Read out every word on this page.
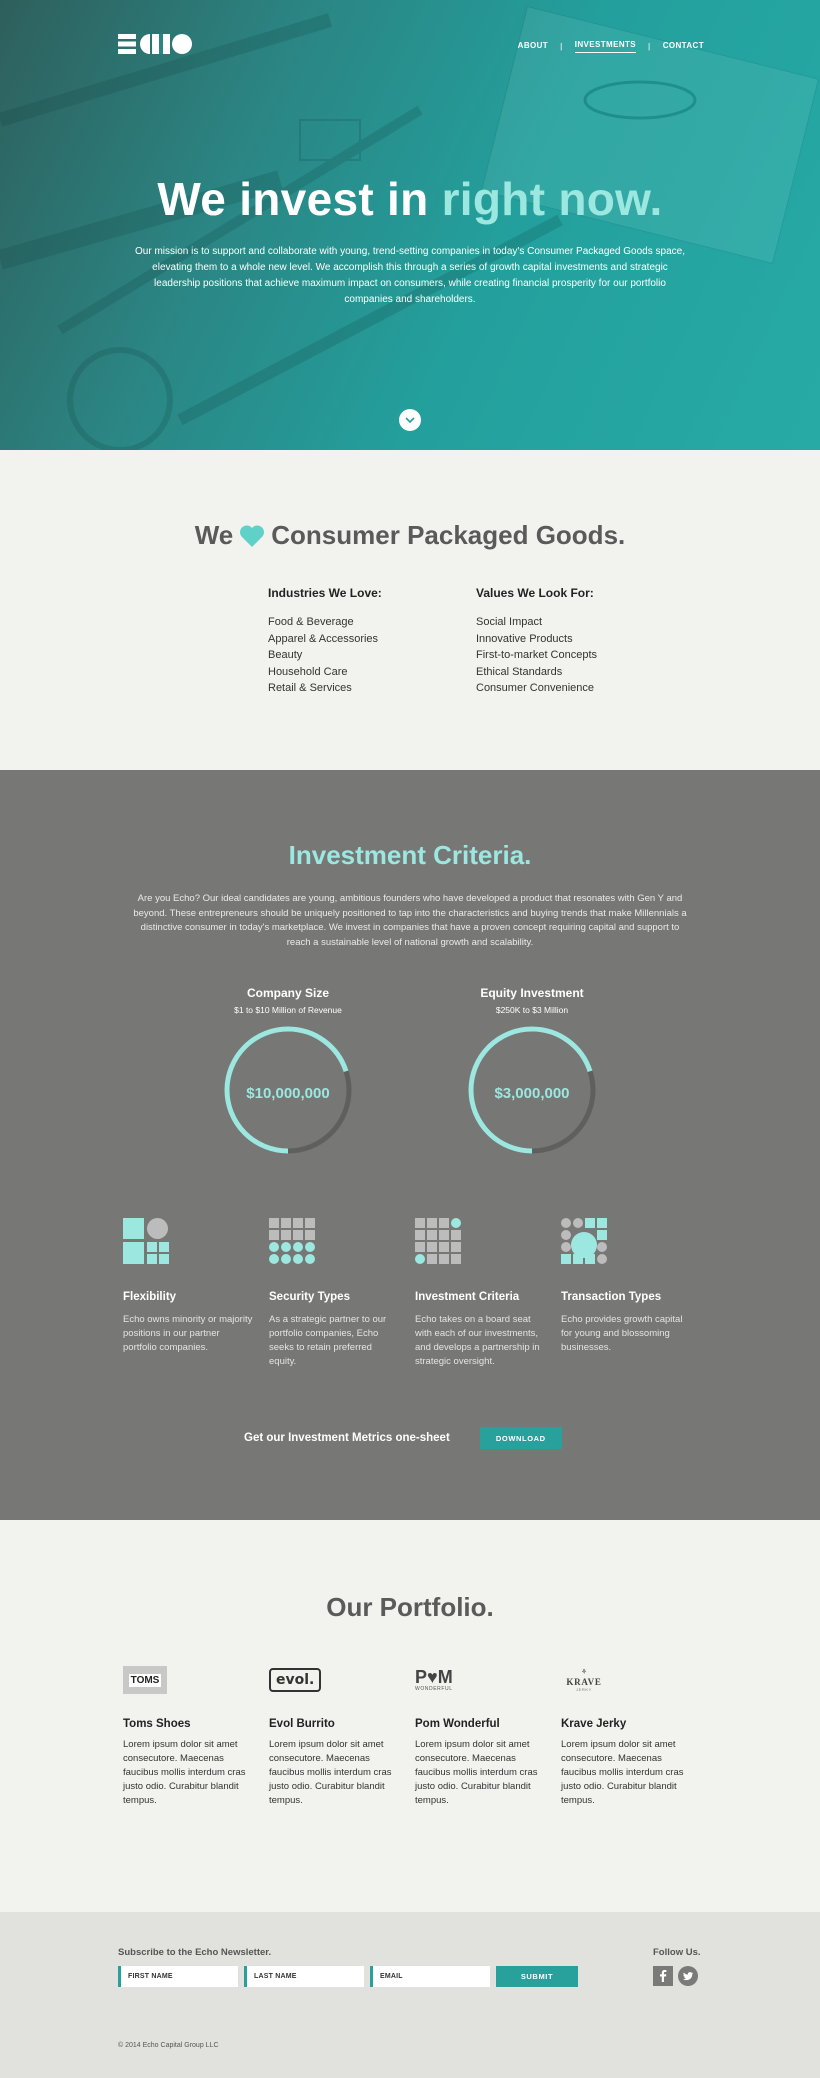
ABOUT | INVESTMENTS | CONTACT
We invest in right now.

Our mission is to support and collaborate with young, trend-setting companies in today's Consumer Packaged Goods space, elevating them to a whole new level. We accomplish this through a series of growth capital investments and strategic leadership positions that achieve maximum impact on consumers, while creating financial prosperity for our portfolio companies and shareholders.

We Consumer Packaged Goods.
Industries We Love:
Food & Beverage
Apparel & Accessories
Beauty
Household Care
Retail & Services
Values We Look For:
Social Impact
Innovative Products
First-to-market Concepts
Ethical Standards
Consumer Convenience
Investment Criteria.

Are you Echo? Our ideal candidates are young, ambitious founders who have developed a product that resonates with Gen Y and beyond. These entrepreneurs should be uniquely positioned to tap into the characteristics and buying trends that make Millennials a distinctive consumer in today's marketplace. We invest in companies that have a proven concept requiring capital and support to reach a sustainable level of national growth and scalability.

Company Size
$1 to $10 Million of Revenue
$10,000,000
Equity Investment
$250K to $3 Million
$3,000,000
Flexibility

Echo owns minority or majority positions in our partner portfolio companies.

Security Types

As a strategic partner to our portfolio companies, Echo seeks to retain preferred equity.

Investment Criteria

Echo takes on a board seat with each of our investments, and develops a partnership in strategic oversight.

Transaction Types

Echo provides growth capital for young and blossoming businesses.

Get our Investment Metrics one-sheet	DOWNLOAD
Our Portfolio.
TOMS
Toms Shoes

Lorem ipsum dolor sit amet consecutore. Maecenas faucibus mollis interdum cras justo odio. Curabitur blandit tempus.

evol.
Evol Burrito

Lorem ipsum dolor sit amet consecutore. Maecenas faucibus mollis interdum cras justo odio. Curabitur blandit tempus.

P♥M
WONDERFUL
Pom Wonderful

Lorem ipsum dolor sit amet consecutore. Maecenas faucibus mollis interdum cras justo odio. Curabitur blandit tempus.

⚘
KRAVE
JERKY
Krave Jerky

Lorem ipsum dolor sit amet consecutore. Maecenas faucibus mollis interdum cras justo odio. Curabitur blandit tempus.

Subscribe to the Echo Newsletter.
FIRST NAME	LAST NAME	EMAIL	SUBMIT
Follow Us.
© 2014 Echo Capital Group LLC
